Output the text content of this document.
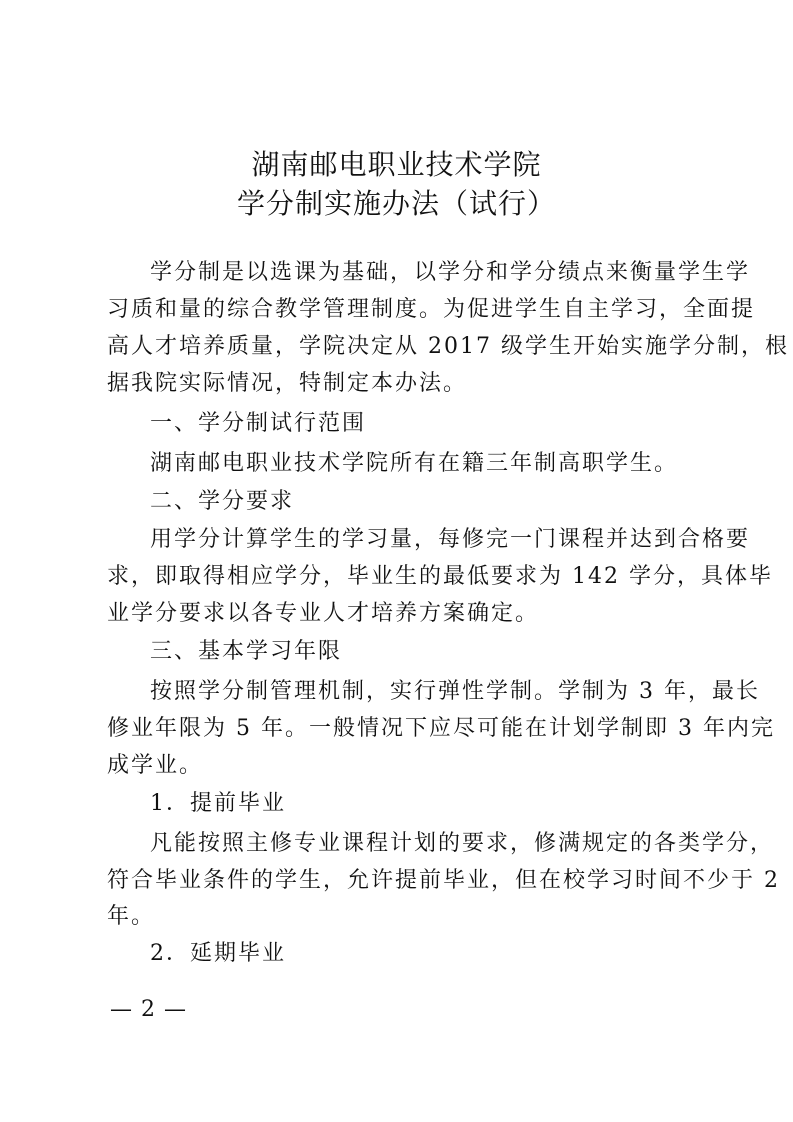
湖南邮电职业技术学院
学分制实施办法（试行）
学分制是以选课为基础，以学分和学分绩点来衡量学生学
习质和量的综合教学管理制度。为促进学生自主学习，全面提
高人才培养质量，学院决定从 2017 级学生开始实施学分制，根
据我院实际情况，特制定本办法。
一、学分制试行范围
湖南邮电职业技术学院所有在籍三年制高职学生。
二、学分要求
用学分计算学生的学习量，每修完一门课程并达到合格要
求，即取得相应学分，毕业生的最低要求为 142 学分，具体毕
业学分要求以各专业人才培养方案确定。
三、基本学习年限
按照学分制管理机制，实行弹性学制。学制为 3 年，最长
修业年限为 5 年。一般情况下应尽可能在计划学制即 3 年内完
成学业。
1．提前毕业
凡能按照主修专业课程计划的要求，修满规定的各类学分，
符合毕业条件的学生，允许提前毕业，但在校学习时间不少于 2
年。
2．延期毕业
— 2 —
